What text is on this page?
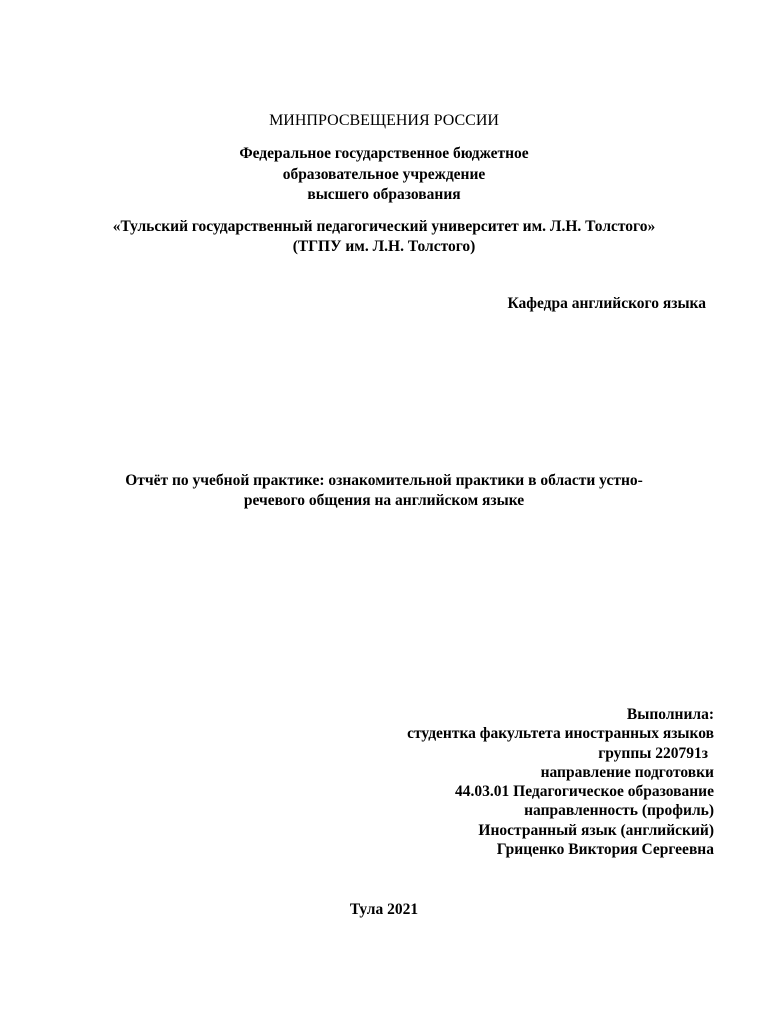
МИНПРОСВЕЩЕНИЯ РОССИИ
Федеральное государственное бюджетное
образовательное учреждение
высшего образования
«Тульский государственный педагогический университет им. Л.Н. Толстого»
(ТГПУ им. Л.Н. Толстого)
Кафедра английского языка
Отчёт по учебной практике: ознакомительной практики в области устно-
речевого общения на английском языке
Выполнила:
студентка факультета иностранных языков
группы 220791з
направление подготовки
44.03.01 Педагогическое образование
направленность (профиль)
Иностранный язык (английский)
Гриценко Виктория Сергеевна
Тула 2021
